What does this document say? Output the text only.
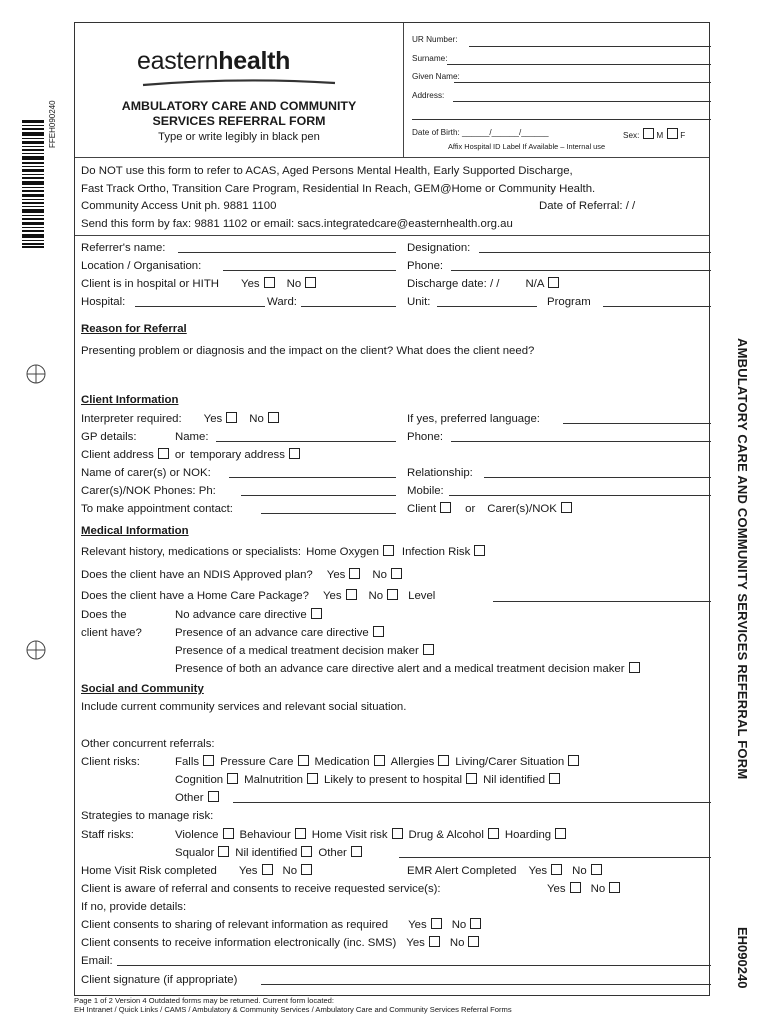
FFEH090240
AMBULATORY CARE AND COMMUNITY SERVICES REFERRAL FORM
EH090240
easternhealth
AMBULATORY CARE AND COMMUNITY
SERVICES REFERRAL FORM
Type or write legibly in black pen
UR Number:
Surname:
Given Name:
Address:
Date of Birth: ______/______/______	Sex: M F
Affix Hospital ID Label If Available – Internal use
Do NOT use this form to refer to ACAS, Aged Persons Mental Health, Early Supported Discharge,
Fast Track Ortho, Transition Care Program, Residential In Reach, GEM@Home or Community Health.
Community Access Unit ph. 9881 1100	Date of Referral: / /
Send this form by fax: 9881 1102 or email: sacs.integratedcare@easternhealth.org.au
Referrer's name:	Designation:
Location / Organisation:	Phone:
Client is in hospital or HITH Yes No	Discharge date: / / N/A
Hospital:	Ward:	Unit:	Program
Reason for Referral
Presenting problem or diagnosis and the impact on the client? What does the client need?
Client Information
Interpreter required: Yes No	If yes, preferred language:
GP details:	Name:	Phone:
Client address or temporary address
Name of carer(s) or NOK:	Relationship:
Carer(s)/NOK Phones: Ph:	Mobile:
To make appointment contact:	Client	or Carer(s)/NOK
Medical Information
Relevant history, medications or specialists: Home Oxygen Infection Risk
Does the client have an NDIS Approved plan? Yes No
Does the client have a Home Care Package? Yes No Level
Does the
client have?
No advance care directive
Presence of an advance care directive
Presence of a medical treatment decision maker
Presence of both an advance care directive alert and a medical treatment decision maker
Social and Community
Include current community services and relevant social situation.
Other concurrent referrals:
Client risks:	Falls Pressure Care Medication Allergies Living/Carer Situation
Cognition Malnutrition Likely to present to hospital Nil identified
Other
Strategies to manage risk:
Staff risks:	Violence Behaviour Home Visit risk Drug & Alcohol Hoarding
Squalor Nil identified Other
Home Visit Risk completed Yes No	EMR Alert Completed Yes No
Client is aware of referral and consents to receive requested service(s):	Yes No
If no, provide details:
Client consents to sharing of relevant information as required Yes No
Client consents to receive information electronically (inc. SMS) Yes No
Email:
Client signature (if appropriate)
Page 1 of 2 Version 4 Outdated forms may be returned. Current form located:
EH Intranet / Quick Links / CAMS / Ambulatory & Community Services / Ambulatory Care and Community Services Referral Forms
